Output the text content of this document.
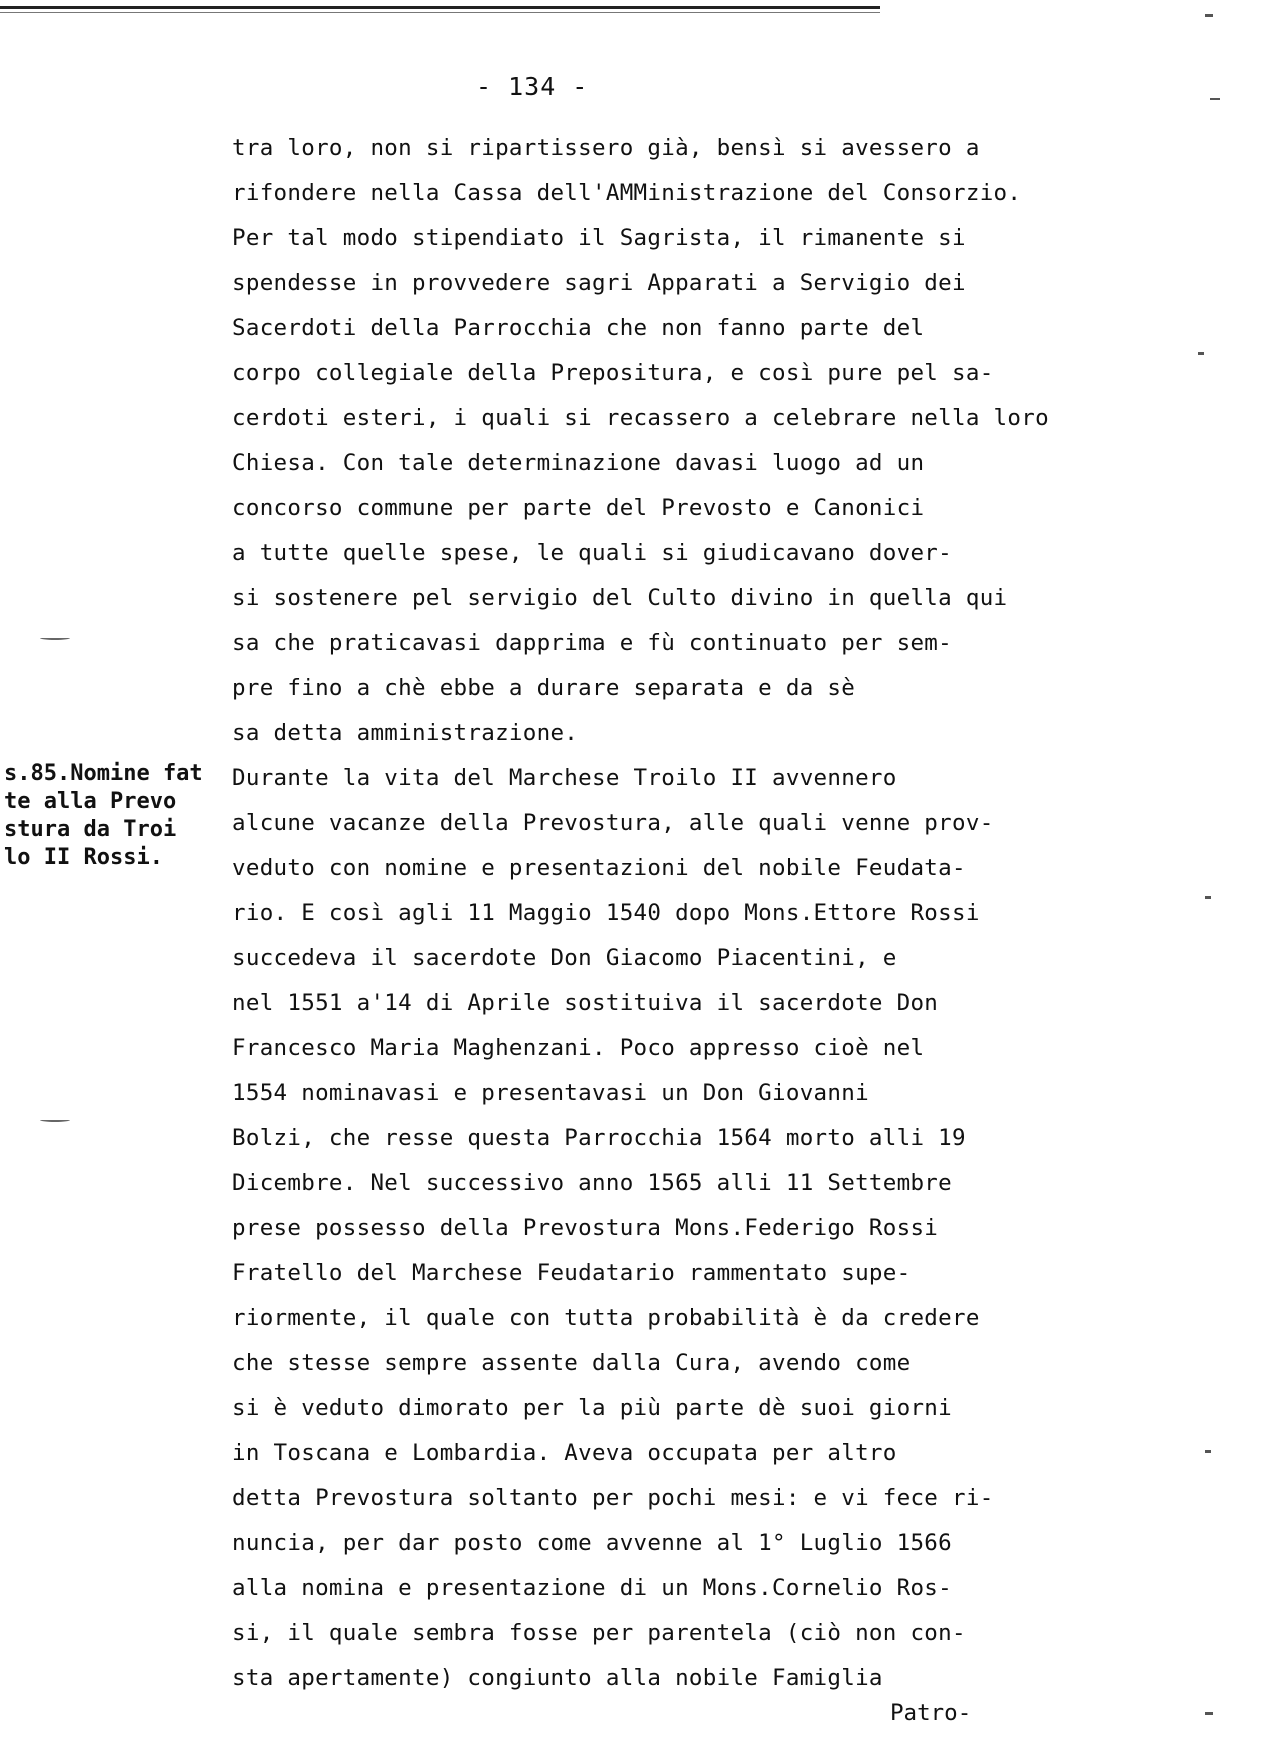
- 134 -
tra loro, non si ripartissero già, bensì si avessero a
rifondere nella Cassa dell'AMMinistrazione del Consorzio.
Per tal modo stipendiato il Sagrista, il rimanente si
spendesse in provvedere sagri Apparati a Servigio dei
Sacerdoti della Parrocchia che non fanno parte del
corpo collegiale della Prepositura, e così pure pel sa-
cerdoti esteri, i quali si recassero a celebrare nella loro
Chiesa. Con tale determinazione davasi luogo ad un
concorso commune per parte del Prevosto e Canonici
a tutte quelle spese, le quali si giudicavano dover-
si sostenere pel servigio del Culto divino in quella qui
sa che praticavasi dapprima e fù continuato per sem-
pre fino a chè ebbe a durare separata e da sè
sa detta amministrazione.
Durante la vita del Marchese Troilo II avvennero
alcune vacanze della Prevostura, alle quali venne prov-
veduto con nomine e presentazioni del nobile Feudata-
rio. E così agli 11 Maggio 1540 dopo Mons.Ettore Rossi
succedeva il sacerdote Don Giacomo Piacentini, e
nel 1551 a'14 di Aprile sostituiva il sacerdote Don
Francesco Maria Maghenzani. Poco appresso cioè nel
1554 nominavasi e presentavasi un Don Giovanni
Bolzi, che resse questa Parrocchia 1564 morto alli 19
Dicembre. Nel successivo anno 1565 alli 11 Settembre
prese possesso della Prevostura Mons.Federigo Rossi
Fratello del Marchese Feudatario rammentato supe-
riormente, il quale con tutta probabilità è da credere
che stesse sempre assente dalla Cura, avendo come
si è veduto dimorato per la più parte dè suoi giorni
in Toscana e Lombardia. Aveva occupata per altro
detta Prevostura soltanto per pochi mesi: e vi fece ri-
nuncia, per dar posto come avvenne al 1° Luglio 1566
alla nomina e presentazione di un Mons.Cornelio Ros-
si, il quale sembra fosse per parentela (ciò non con-
sta apertamente) congiunto alla nobile Famiglia
s.85.Nomine fat
te alla Prevo
stura da Troi
lo II Rossi.
Patro-
